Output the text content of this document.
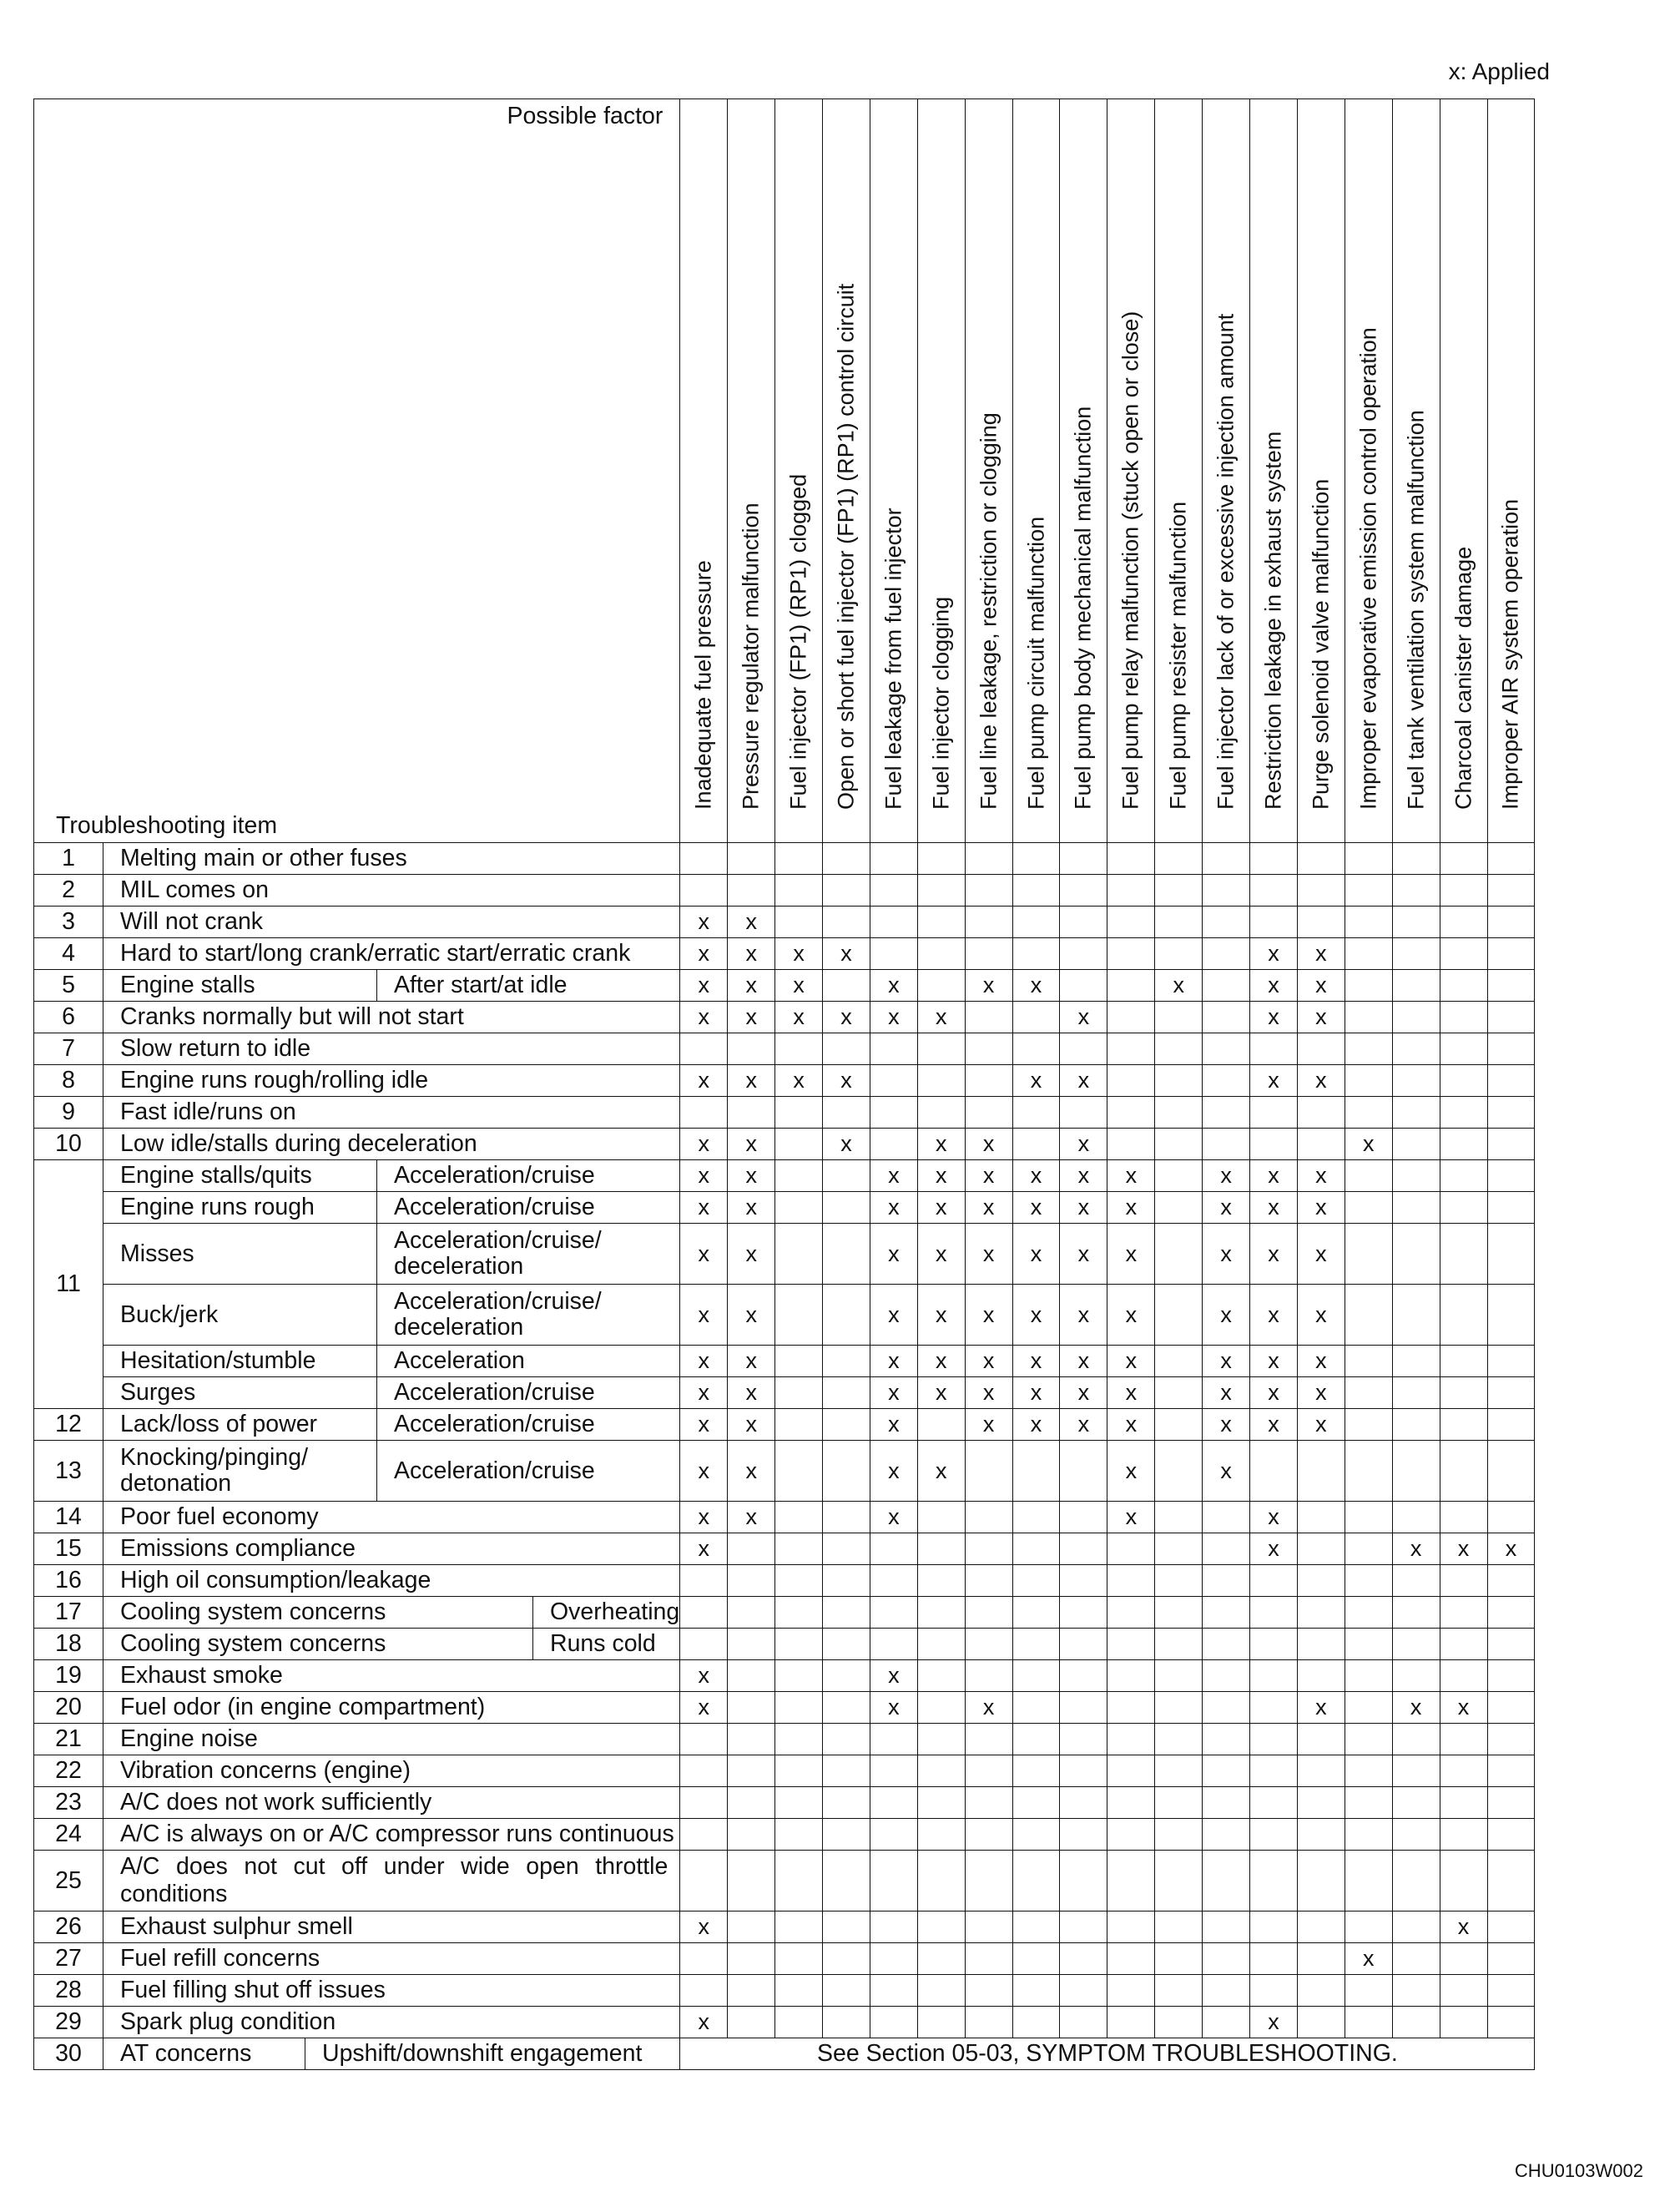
x: Applied
Possible factor
Troubleshooting item					Inadequate fuel pressure	Pressure regulator malfunction	Fuel injector (FP1) (RP1) clogged	Open or short fuel injector (FP1) (RP1) control circuit	Fuel leakage from fuel injector	Fuel injector clogging	Fuel line leakage, restriction or clogging	Fuel pump circuit malfunction	Fuel pump body mechanical malfunction	Fuel pump relay malfunction (stuck open or close)	Fuel pump resister malfunction	Fuel injector lack of or excessive injection amount	Restriction leakage in exhaust system	Purge solenoid valve malfunction	Improper evaporative emission control operation	Fuel tank ventilation system malfunction	Charcoal canister damage	Improper AIR system operation

1	Melting main or other fuses																					
2	MIL comes on																					
3	Will not crank				x	x																
4	Hard to start/long crank/erratic start/erratic crank				x	x	x	x									x	x				
5	Engine stalls		After start/at idle		x	x	x		x		x	x			x		x	x				
6	Cranks normally but will not start				x	x	x	x	x	x			x				x	x				
7	Slow return to idle																					
8	Engine runs rough/rolling idle				x	x	x	x				x	x				x	x				
9	Fast idle/runs on																					
10	Low idle/stalls during deceleration				x	x		x		x	x		x						x			
11	Engine stalls/quits		Acceleration/cruise		x	x			x	x	x	x	x	x		x	x	x				
	Engine runs rough		Acceleration/cruise		x	x			x	x	x	x	x	x		x	x	x				
	Misses		Acceleration/cruise/ deceleration		x	x			x	x	x	x	x	x		x	x	x				
	Buck/jerk		Acceleration/cruise/ deceleration		x	x			x	x	x	x	x	x		x	x	x				
	Hesitation/stumble		Acceleration		x	x			x	x	x	x	x	x		x	x	x				
	Surges		Acceleration/cruise		x	x			x	x	x	x	x	x		x	x	x				
12	Lack/loss of power		Acceleration/cruise		x	x			x		x	x	x	x		x	x	x				
13	Knocking/pinging/ detonation		Acceleration/cruise		x	x			x	x				x		x						
14	Poor fuel economy				x	x			x					x			x					
15	Emissions compliance				x												x			x	x	x
16	High oil consumption/leakage																					
17	Cooling system concerns			Overheating																		
18	Cooling system concerns			Runs cold																		
19	Exhaust smoke				x				x													
20	Fuel odor (in engine compartment)				x				x		x							x		x	x	
21	Engine noise																					
22	Vibration concerns (engine)																					
23	A/C does not work sufficiently																					
24	A/C is always on or A/C compressor runs continuous																					
25	A/C does not cut off under wide open throttle conditions																					
26	Exhaust sulphur smell				x																x	
27	Fuel refill concerns																		x			
28	Fuel filling shut off issues																					
29	Spark plug condition				x												x					
30	AT concerns	Upshift/downshift engagement			See Section 05-03, SYMPTOM TROUBLESHOOTING.																	
CHU0103W002
